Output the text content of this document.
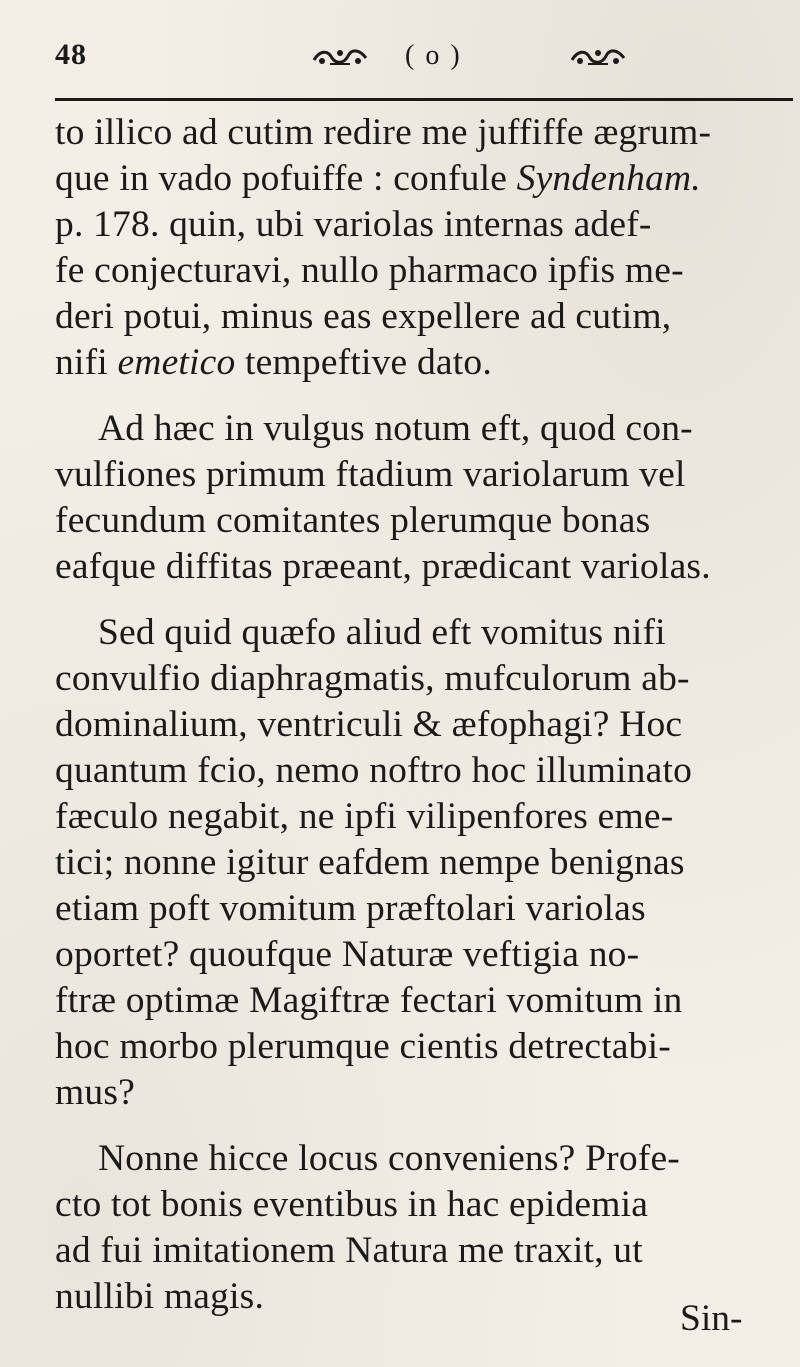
48	( o )
to illico ad cutim redire me juffiffe ægrum-
que in vado pofuiffe : confule Syndenham.
p. 178. quin, ubi variolas internas adef-
fe conjecturavi, nullo pharmaco ipfis me-
deri potui, minus eas expellere ad cutim,
nifi emetico tempeftive dato.
Ad hæc in vulgus notum eft, quod con-
vulfiones primum ftadium variolarum vel
fecundum comitantes plerumque bonas
eafque diffitas præeant, prædicant variolas.
Sed quid quæfo aliud eft vomitus nifi
convulfio diaphragmatis, mufculorum ab-
dominalium, ventriculi & æfophagi? Hoc
quantum fcio, nemo noftro hoc illuminato
fæculo negabit, ne ipfi vilipenfores eme-
tici; nonne igitur eafdem nempe benignas
etiam poft vomitum præftolari variolas
oportet? quoufque Naturæ veftigia no-
ftræ optimæ Magiftræ fectari vomitum in
hoc morbo plerumque cientis detrectabi-
mus?
Nonne hicce locus conveniens? Profe-
cto tot bonis eventibus in hac epidemia
ad fui imitationem Natura me traxit, ut
nullibi magis.
Sin-
